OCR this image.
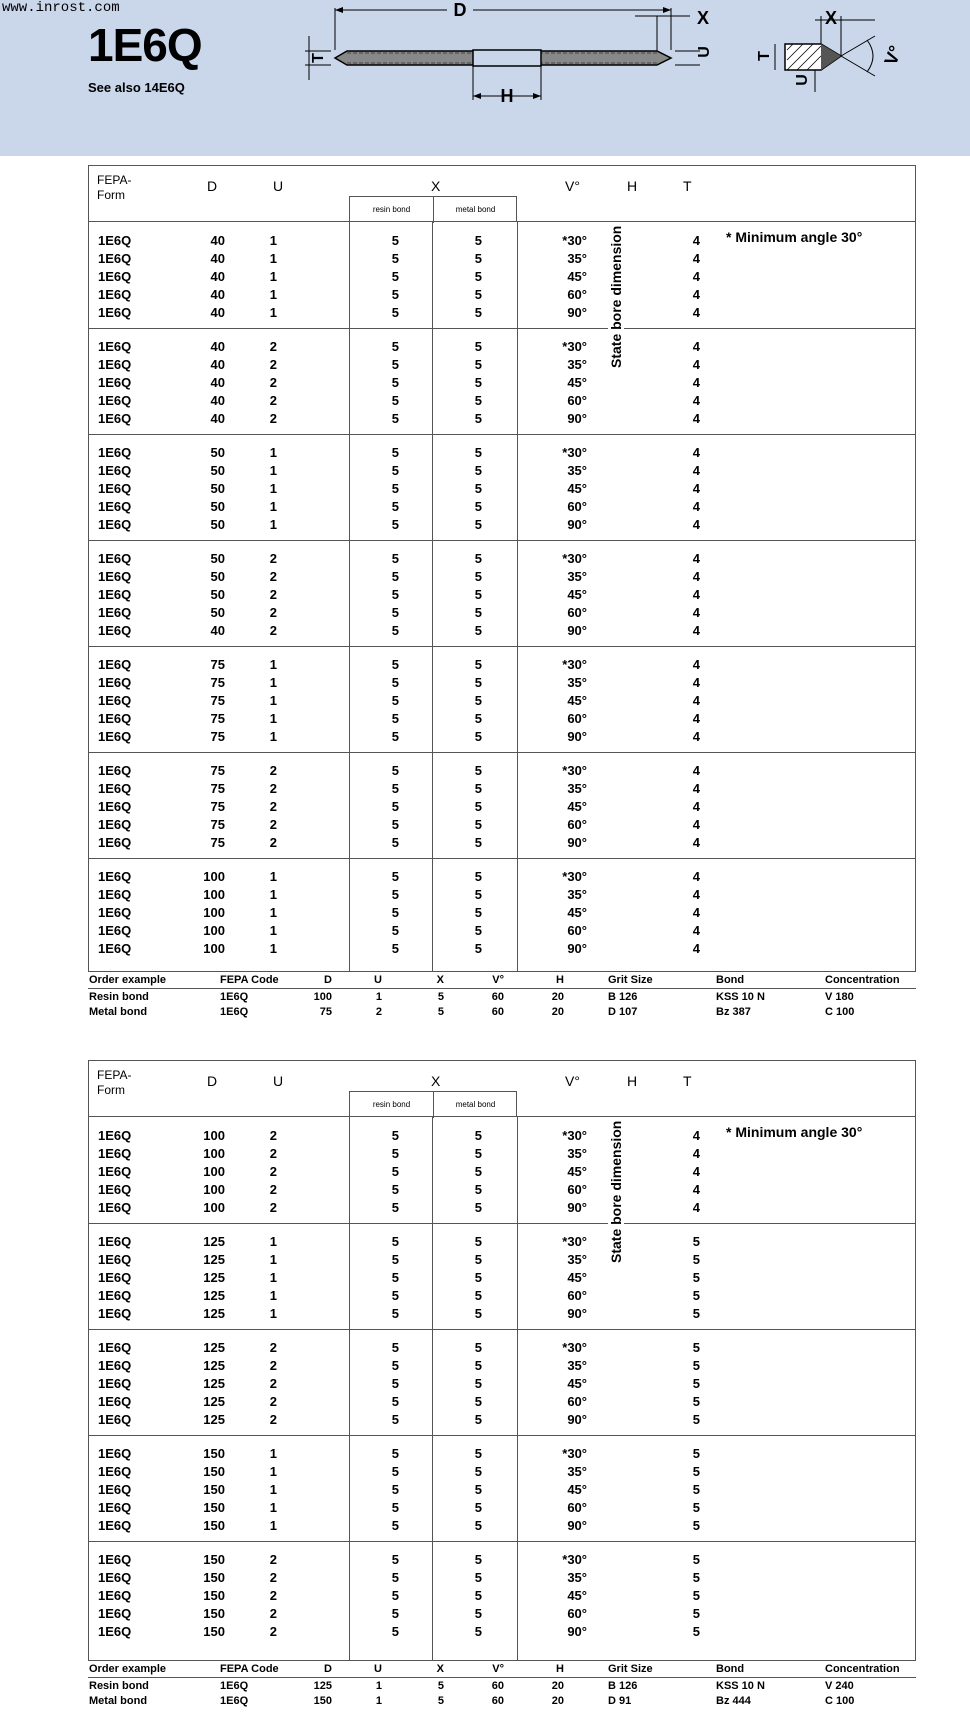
www.inrost.com
1E6Q
See also 14E6Q
D
H
T
X
U
X
V°
T
U
FEPA-
Form
D	U	X	V°	H	T
resin bond	metal bond
1E6Q	40	1	5	5	*30°	4
1E6Q	40	1	5	5	35°	4
1E6Q	40	1	5	5	45°	4
1E6Q	40	1	5	5	60°	4
1E6Q	40	1	5	5	90°	4
1E6Q	40	2	5	5	*30°	4
1E6Q	40	2	5	5	35°	4
1E6Q	40	2	5	5	45°	4
1E6Q	40	2	5	5	60°	4
1E6Q	40	2	5	5	90°	4
1E6Q	50	1	5	5	*30°	4
1E6Q	50	1	5	5	35°	4
1E6Q	50	1	5	5	45°	4
1E6Q	50	1	5	5	60°	4
1E6Q	50	1	5	5	90°	4
1E6Q	50	2	5	5	*30°	4
1E6Q	50	2	5	5	35°	4
1E6Q	50	2	5	5	45°	4
1E6Q	50	2	5	5	60°	4
1E6Q	40	2	5	5	90°	4
1E6Q	75	1	5	5	*30°	4
1E6Q	75	1	5	5	35°	4
1E6Q	75	1	5	5	45°	4
1E6Q	75	1	5	5	60°	4
1E6Q	75	1	5	5	90°	4
1E6Q	75	2	5	5	*30°	4
1E6Q	75	2	5	5	35°	4
1E6Q	75	2	5	5	45°	4
1E6Q	75	2	5	5	60°	4
1E6Q	75	2	5	5	90°	4
1E6Q	100	1	5	5	*30°	4
1E6Q	100	1	5	5	35°	4
1E6Q	100	1	5	5	45°	4
1E6Q	100	1	5	5	60°	4
1E6Q	100	1	5	5	90°	4
* Minimum angle 30°
State bore dimension
Order example	FEPA Code	D	U	X	V°	H	Grit Size	Bond	Concentration
Resin bond	1E6Q	100	1	5	60	20	B 126	KSS 10 N	V 180
Metal bond	1E6Q	75	2	5	60	20	D 107	Bz 387	C 100
FEPA-
Form
D	U	X	V°	H	T
resin bond	metal bond
1E6Q	100	2	5	5	*30°	4
1E6Q	100	2	5	5	35°	4
1E6Q	100	2	5	5	45°	4
1E6Q	100	2	5	5	60°	4
1E6Q	100	2	5	5	90°	4
1E6Q	125	1	5	5	*30°	5
1E6Q	125	1	5	5	35°	5
1E6Q	125	1	5	5	45°	5
1E6Q	125	1	5	5	60°	5
1E6Q	125	1	5	5	90°	5
1E6Q	125	2	5	5	*30°	5
1E6Q	125	2	5	5	35°	5
1E6Q	125	2	5	5	45°	5
1E6Q	125	2	5	5	60°	5
1E6Q	125	2	5	5	90°	5
1E6Q	150	1	5	5	*30°	5
1E6Q	150	1	5	5	35°	5
1E6Q	150	1	5	5	45°	5
1E6Q	150	1	5	5	60°	5
1E6Q	150	1	5	5	90°	5
1E6Q	150	2	5	5	*30°	5
1E6Q	150	2	5	5	35°	5
1E6Q	150	2	5	5	45°	5
1E6Q	150	2	5	5	60°	5
1E6Q	150	2	5	5	90°	5
* Minimum angle 30°
State bore dimension
Order example	FEPA Code	D	U	X	V°	H	Grit Size	Bond	Concentration
Resin bond	1E6Q	125	1	5	60	20	B 126	KSS 10 N	V 240
Metal bond	1E6Q	150	1	5	60	20	D 91	Bz 444	C 100
